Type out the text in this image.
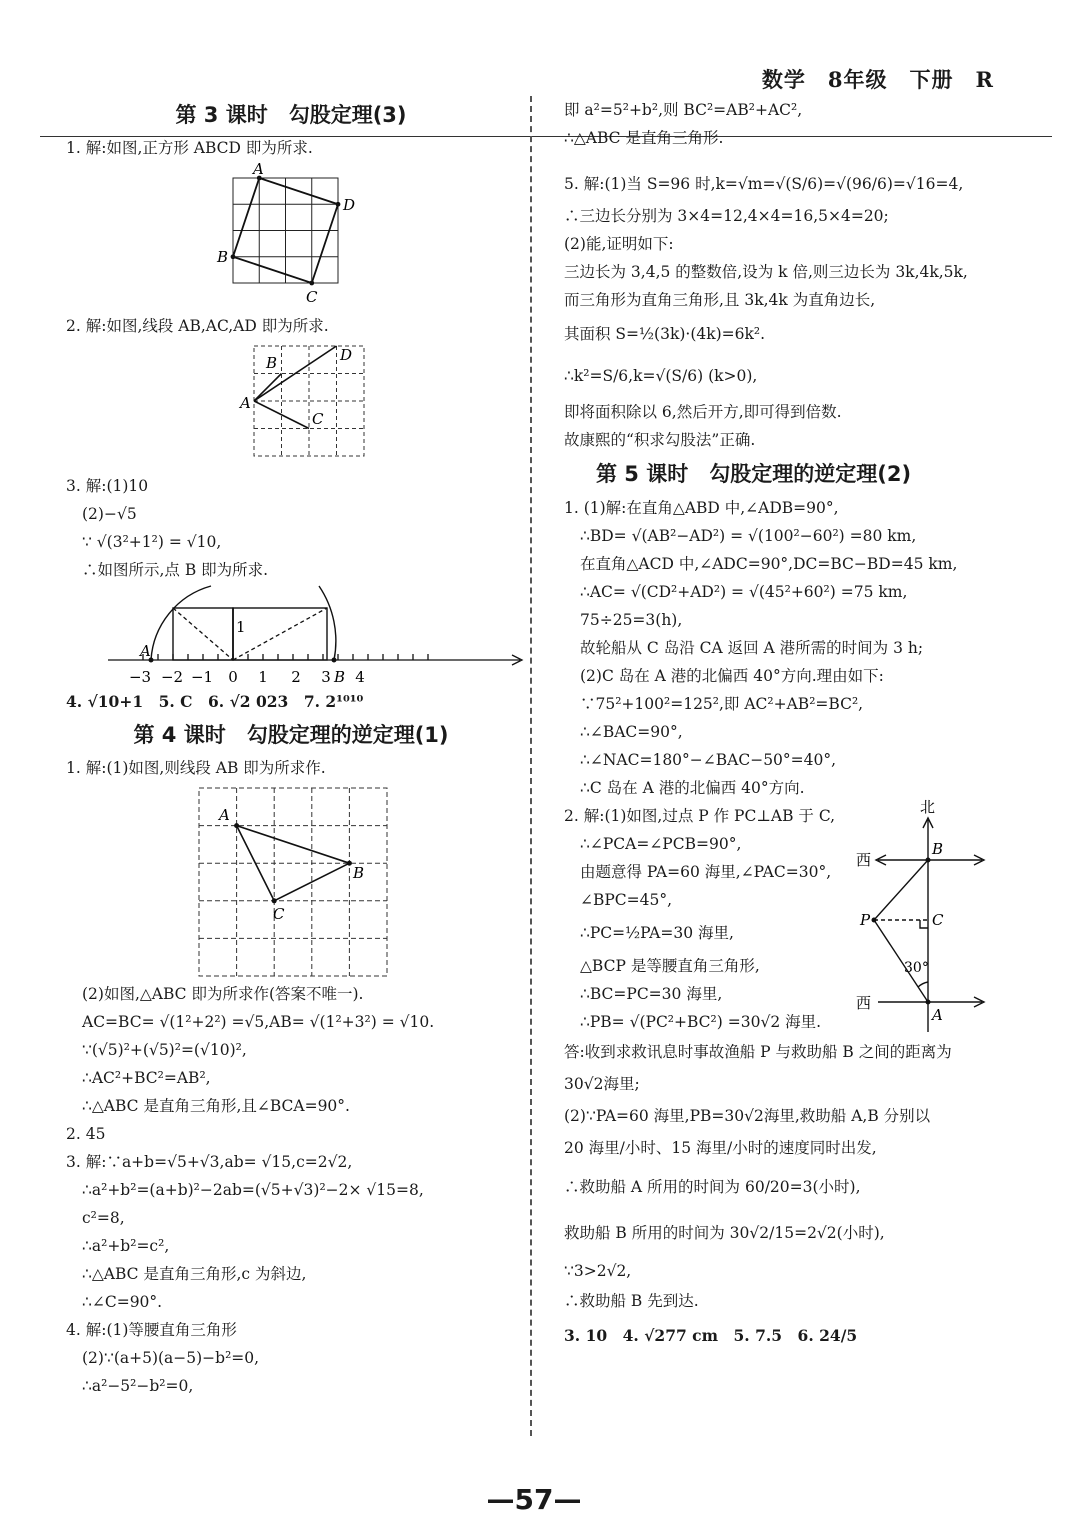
数学　8年级　下册　R
第 3 课时　勾股定理(3)
1. 解:如图,正方形 ABCD 即为所求.
A
D
C
B
2. 解:如图,线段 AB,AC,AD 即为所求.
A
B	D
C
3. 解:(1)10
(2)−√5
∵ √(3²+1²) = √10,
∴如图所示,点 B 即为所求.
1
A
B
−3 −2 −1 0 1 2 3 4
4. √10+1　5. C　6. √2 023　7. 2¹⁰¹⁰
第 4 课时　勾股定理的逆定理(1)
1. 解:(1)如图,则线段 AB 即为所求作.
A
B
C
(2)如图,△ABC 即为所求作(答案不唯一).
AC=BC= √(1²+2²) =√5,AB= √(1²+3²) = √10.
∵(√5)²+(√5)²=(√10)²,
∴AC²+BC²=AB²,
∴△ABC 是直角三角形,且∠BCA=90°.
2. 45
3. 解:∵a+b=√5+√3,ab= √15,c=2√2,
∴a²+b²=(a+b)²−2ab=(√5+√3)²−2× √15=8,
c²=8,
∴a²+b²=c²,
∴△ABC 是直角三角形,c 为斜边,
∴∠C=90°.
4. 解:(1)等腰直角三角形
(2)∵(a+5)(a−5)−b²=0,
∴a²−5²−b²=0,
即 a²=5²+b²,则 BC²=AB²+AC²,
∴△ABC 是直角三角形.
5. 解:(1)当 S=96 时,k=√m=√(S/6)=√(96/6)=√16=4,
∴三边长分别为 3×4=12,4×4=16,5×4=20;
(2)能,证明如下:
三边长为 3,4,5 的整数倍,设为 k 倍,则三边长为 3k,4k,5k,
而三角形为直角三角形,且 3k,4k 为直角边长,
其面积 S=½(3k)·(4k)=6k².
∴k²=S/6,k=√(S/6) (k>0),
即将面积除以 6,然后开方,即可得到倍数.
故康熙的“积求勾股法”正确.
第 5 课时　勾股定理的逆定理(2)
1. (1)解:在直角△ABD 中,∠ADB=90°,
∴BD= √(AB²−AD²) = √(100²−60²) =80 km,
在直角△ACD 中,∠ADC=90°,DC=BC−BD=45 km,
∴AC= √(CD²+AD²) = √(45²+60²) =75 km,
75÷25=3(h),
故轮船从 C 岛沿 CA 返回 A 港所需的时间为 3 h;
(2)C 岛在 A 港的北偏西 40°方向.理由如下:
∵75²+100²=125²,即 AC²+AB²=BC²,
∴∠BAC=90°,
∴∠NAC=180°−∠BAC−50°=40°,
∴C 岛在 A 港的北偏西 40°方向.
2. 解:(1)如图,过点 P 作 PC⊥AB 于 C,
∴∠PCA=∠PCB=90°,
由题意得 PA=60 海里,∠PAC=30°,
∠BPC=45°,
∴PC=½PA=30 海里,
△BCP 是等腰直角三角形,
∴BC=PC=30 海里,
∴PB= √(PC²+BC²) =30√2 海里.
北
西
B
P	C
30°
西
A
答:收到求救讯息时事故渔船 P 与救助船 B 之间的距离为
30√2海里;
(2)∵PA=60 海里,PB=30√2海里,救助船 A,B 分别以
20 海里/小时、15 海里/小时的速度同时出发,
∴救助船 A 所用的时间为 60/20=3(小时),
救助船 B 所用的时间为 30√2/15=2√2(小时),
∵3>2√2,
∴救助船 B 先到达.
3. 10　4. √277 cm　5. 7.5　6. 24/5
—57—
